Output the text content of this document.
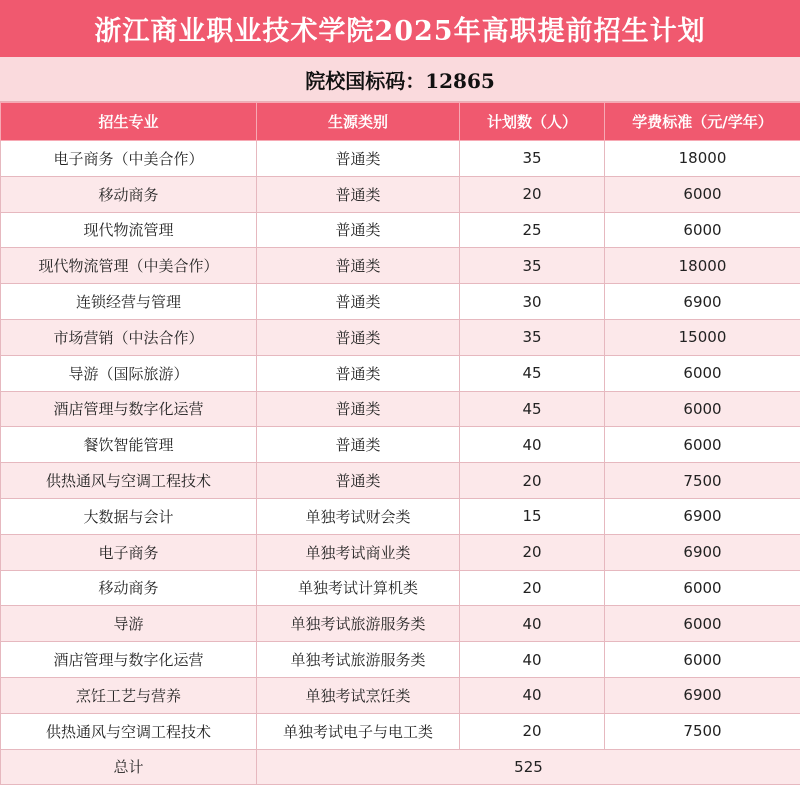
浙江商业职业技术学院2025年高职提前招生计划
院校国标码：12865
招生专业	生源类别	计划数（人）	学费标准（元/学年）
电子商务（中美合作）	普通类	35	18000
移动商务	普通类	20	6000
现代物流管理	普通类	25	6000
现代物流管理（中美合作）	普通类	35	18000
连锁经营与管理	普通类	30	6900
市场营销（中法合作）	普通类	35	15000
导游（国际旅游）	普通类	45	6000
酒店管理与数字化运营	普通类	45	6000
餐饮智能管理	普通类	40	6000
供热通风与空调工程技术	普通类	20	7500
大数据与会计	单独考试财会类	15	6900
电子商务	单独考试商业类	20	6900
移动商务	单独考试计算机类	20	6000
导游	单独考试旅游服务类	40	6000
酒店管理与数字化运营	单独考试旅游服务类	40	6000
烹饪工艺与营养	单独考试烹饪类	40	6900
供热通风与空调工程技术	单独考试电子与电工类	20	7500
总计	525		
